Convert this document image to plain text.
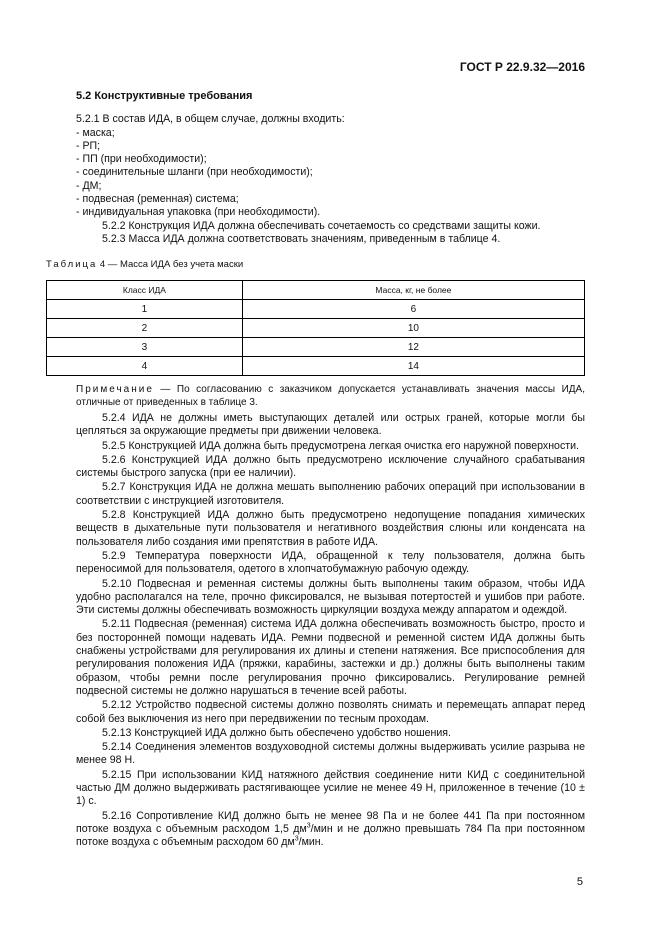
ГОСТ Р 22.9.32—2016
5.2 Конструктивные требования
5.2.1 В состав ИДА, в общем случае, должны входить:
- маска;
- РП;
- ПП (при необходимости);
- соединительные шланги (при необходимости);
- ДМ;
- подвесная (ременная) система;
- индивидуальная упаковка (при необходимости).
5.2.2 Конструкция ИДА должна обеспечивать сочетаемость со средствами защиты кожи.
5.2.3 Масса ИДА должна соответствовать значениям, приведенным в таблице 4.
Таблица 4 — Масса ИДА без учета маски
Класс ИДА	Масса, кг, не более
1	6
2	10
3	12
4	14
Примечание — По согласованию с заказчиком допускается устанавливать значения массы ИДА, отличные от приведенных в таблице 3.
5.2.4 ИДА не должны иметь выступающих деталей или острых граней, которые могли бы цепляться за окружающие предметы при движении человека.
5.2.5 Конструкцией ИДА должна быть предусмотрена легкая очистка его наружной поверхности.
5.2.6 Конструкцией ИДА должно быть предусмотрено исключение случайного срабатывания системы быстрого запуска (при ее наличии).
5.2.7 Конструкция ИДА не должна мешать выполнению рабочих операций при использовании в соответствии с инструкцией изготовителя.
5.2.8 Конструкцией ИДА должно быть предусмотрено недопущение попадания химических веществ в дыхательные пути пользователя и негативного воздействия слюны или конденсата на пользователя либо создания ими препятствия в работе ИДА.
5.2.9 Температура поверхности ИДА, обращенной к телу пользователя, должна быть переносимой для пользователя, одетого в хлопчатобумажную рабочую одежду.
5.2.10 Подвесная и ременная системы должны быть выполнены таким образом, чтобы ИДА удобно располагался на теле, прочно фиксировался, не вызывая потертостей и ушибов при работе. Эти системы должны обеспечивать возможность циркуляции воздуха между аппаратом и одеждой.
5.2.11 Подвесная (ременная) система ИДА должна обеспечивать возможность быстро, просто и без посторонней помощи надевать ИДА. Ремни подвесной и ременной систем ИДА должны быть снабжены устройствами для регулирования их длины и степени натяжения. Все приспособления для регулирования положения ИДА (пряжки, карабины, застежки и др.) должны быть выполнены таким образом, чтобы ремни после регулирования прочно фиксировались. Регулирование ремней подвесной системы не должно нарушаться в течение всей работы.
5.2.12 Устройство подвесной системы должно позволять снимать и перемещать аппарат перед собой без выключения из него при передвижении по тесным проходам.
5.2.13 Конструкцией ИДА должно быть обеспечено удобство ношения.
5.2.14 Соединения элементов воздуховодной системы должны выдерживать усилие разрыва не менее 98 Н.
5.2.15 При использовании КИД натяжного действия соединение нити КИД с соединительной частью ДМ должно выдерживать растягивающее усилие не менее 49 Н, приложенное в течение (10 ± 1) с.
5.2.16 Сопротивление КИД должно быть не менее 98 Па и не более 441 Па при постоянном потоке воздуха с объемным расходом 1,5 $дм^3$/мин и не должно превышать 784 Па при постоянном потоке воздуха с объемным расходом 60 $дм^3$/мин.
5
